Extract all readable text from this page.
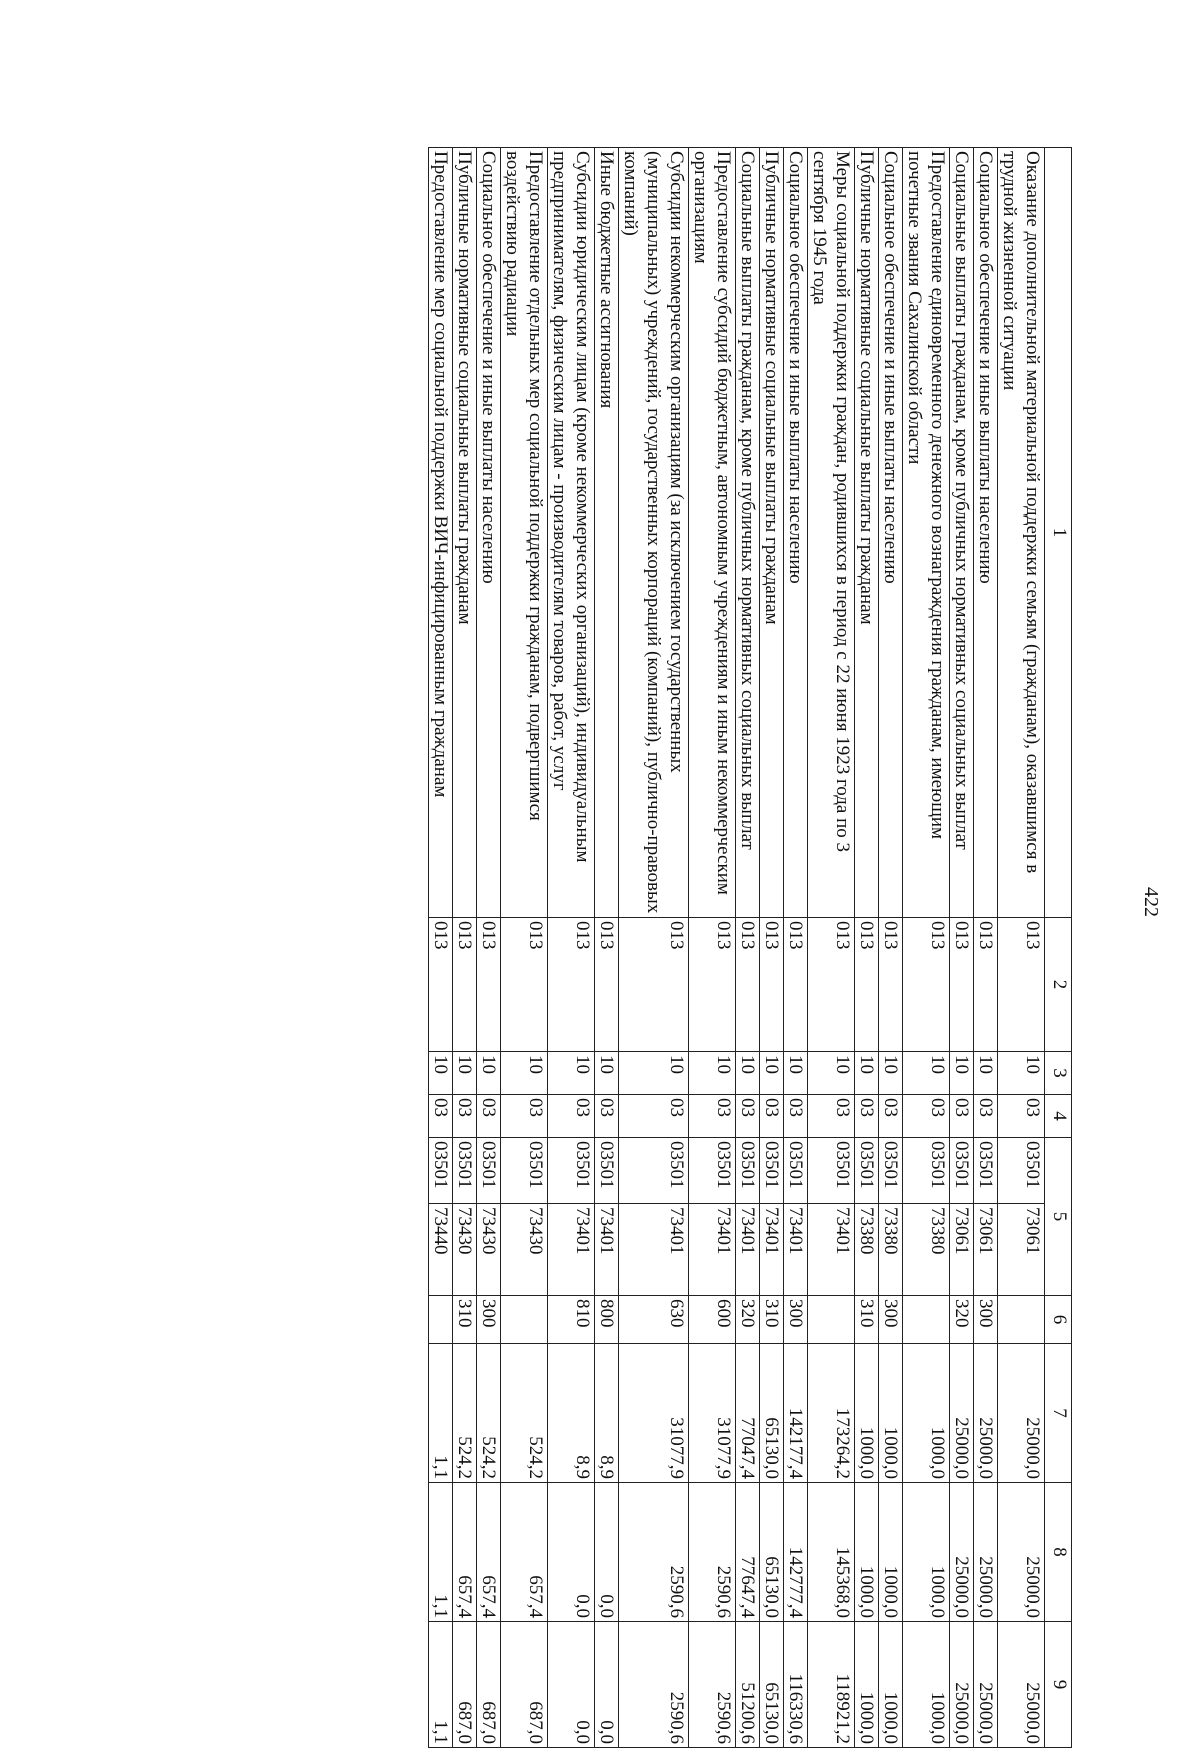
422
1	2	3	4	5		6	7	8	9
Оказание дополнительной материальной поддержки семьям (гражданам), оказавшимся в трудной жизненной ситуации	013	10	03	03501	73061		25000,0	25000,0	25000,0
Социальное обеспечение и иные выплаты населению	013	10	03	03501	73061	300	25000,0	25000,0	25000,0
Социальные выплаты гражданам, кроме публичных нормативных социальных выплат	013	10	03	03501	73061	320	25000,0	25000,0	25000,0
Предоставление единовременного денежного вознаграждения гражданам, имеющим почетные звания Сахалинской области	013	10	03	03501	73380		1000,0	1000,0	1000,0
Социальное обеспечение и иные выплаты населению	013	10	03	03501	73380	300	1000,0	1000,0	1000,0
Публичные нормативные социальные выплаты гражданам	013	10	03	03501	73380	310	1000,0	1000,0	1000,0
Меры социальной поддержки граждан, родившихся в период с 22 июня 1923 года по 3 сентября 1945 года	013	10	03	03501	73401		173264,2	145368,0	118921,2
Социальное обеспечение и иные выплаты населению	013	10	03	03501	73401	300	142177,4	142777,4	116330,6
Публичные нормативные социальные выплаты гражданам	013	10	03	03501	73401	310	65130,0	65130,0	65130,0
Социальные выплаты гражданам, кроме публичных нормативных социальных выплат	013	10	03	03501	73401	320	77047,4	77647,4	51200,6
Предоставление субсидий бюджетным, автономным учреждениям и иным некоммерческим организациям	013	10	03	03501	73401	600	31077,9	2590,6	2590,6
Субсидии некоммерческим организациям (за исключением государственных (муниципальных) учреждений, государственных корпораций (компаний), публично-правовых компаний)	013	10	03	03501	73401	630	31077,9	2590,6	2590,6
Иные бюджетные ассигнования	013	10	03	03501	73401	800	8,9	0,0	0,0
Субсидии юридическим лицам (кроме некоммерческих организаций), индивидуальным предпринимателям, физическим лицам - производителям товаров, работ, услуг	013	10	03	03501	73401	810	8,9	0,0	0,0
Предоставление отдельных мер социальной поддержки гражданам, подвергшимся воздействию радиации	013	10	03	03501	73430		524,2	657,4	687,0
Социальное обеспечение и иные выплаты населению	013	10	03	03501	73430	300	524,2	657,4	687,0
Публичные нормативные социальные выплаты гражданам	013	10	03	03501	73430	310	524,2	657,4	687,0
Предоставление мер социальной поддержки ВИЧ-инфицированным гражданам	013	10	03	03501	73440		1,1	1,1	1,1
